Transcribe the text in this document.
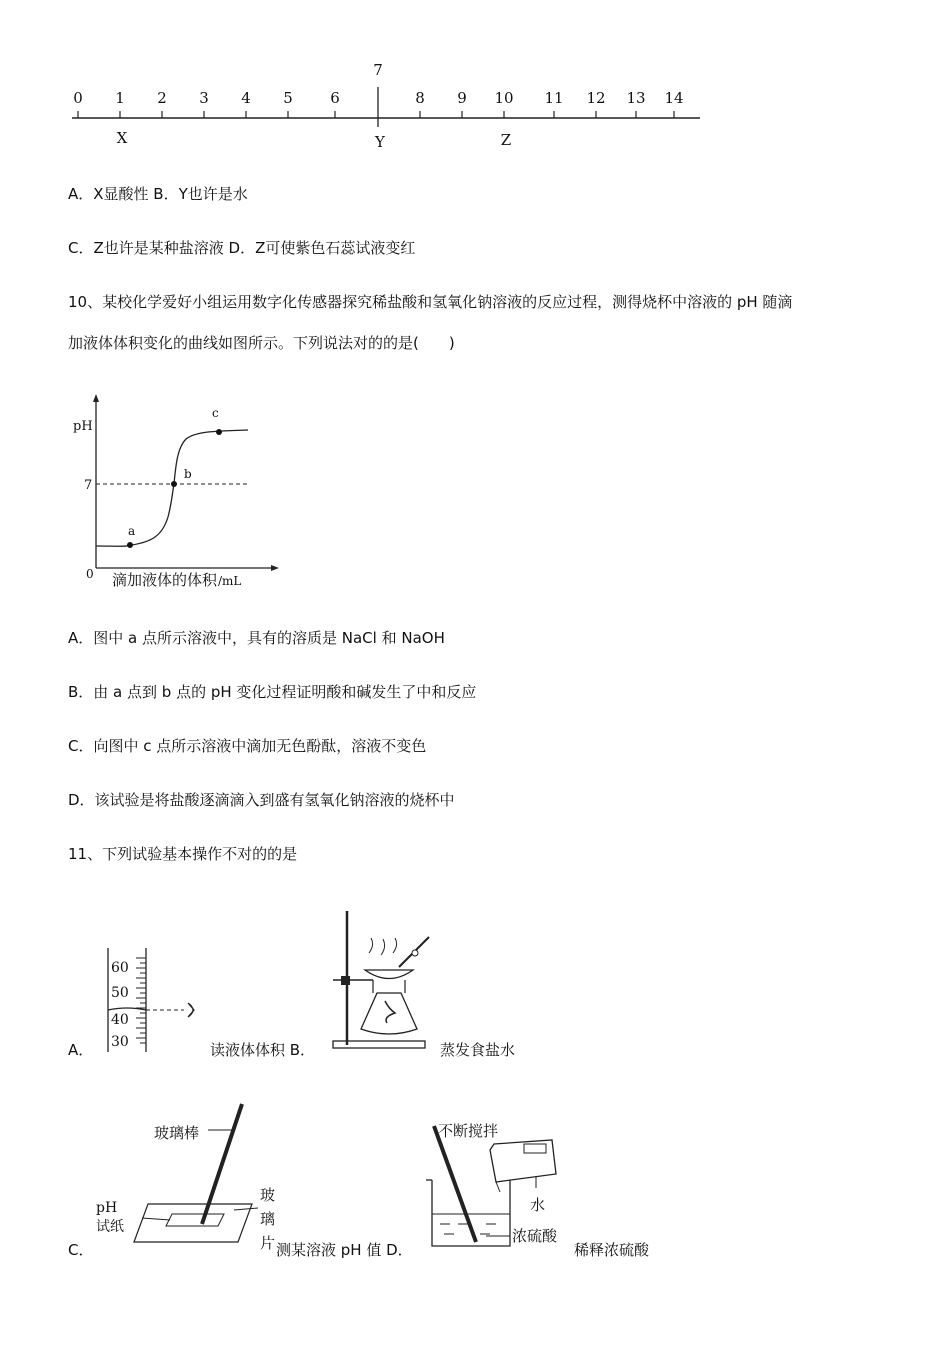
0 1 2 3 4 5 6	8 9 10 11 12 13 14
7
X	Y	Z
A．X显酸性 B．Y也许是水
C．Z也许是某种盐溶液 D．Z可使紫色石蕊试液变红
10、某校化学爱好小组运用数字化传感器探究稀盐酸和氢氧化钠溶液的反应过程，测得烧杯中溶液的 pH 随滴
加液体体积变化的曲线如图所示。下列说法对的的是(　　)
a
b
c
pH
7
0 滴加液体的体积 /mL
A．图中 a 点所示溶液中，具有的溶质是 NaCl 和 NaOH
B．由 a 点到 b 点的 pH 变化过程证明酸和碱发生了中和反应
C．向图中 c 点所示溶液中滴加无色酚酞，溶液不变色
D．该试验是将盐酸逐滴滴入到盛有氢氧化钠溶液的烧杯中
11、下列试验基本操作不对的的是
A．
60
50
40
30	读液体体积 B．	蒸发食盐水
C．
玻璃棒
pH
试纸
玻
璃
片 测某溶液 pH 值 D．
不断搅拌
水
浓硫酸
稀释浓硫酸
